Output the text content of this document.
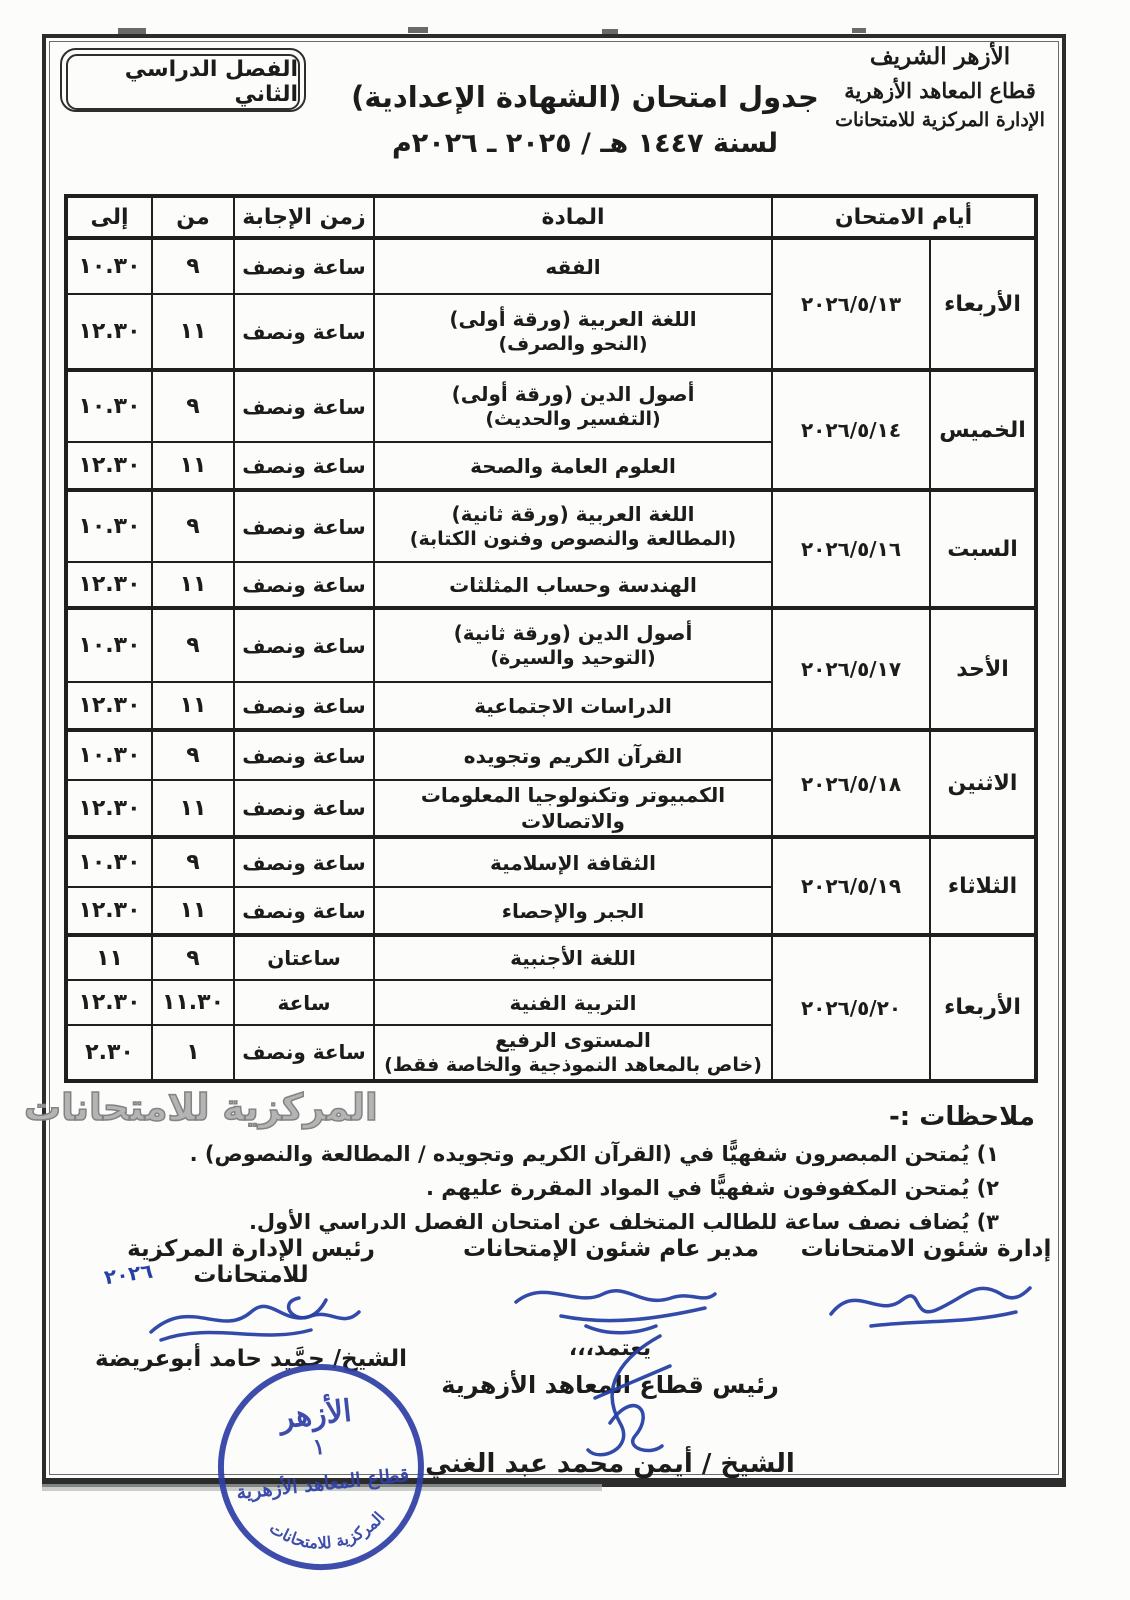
الفصل الدراسي الثاني
الأزهر الشريف
قطاع المعاهد الأزهرية
الإدارة المركزية للامتحانات
جدول امتحان (الشهادة الإعدادية)
لسنة ١٤٤٧ هـ / ٢٠٢٥ ـ ٢٠٢٦م
أيام الامتحان		المادة	زمن الإجابة	من	إلى
الأربعاء	٢٠٢٦/٥/١٣	الفقه	ساعة ونصف	٩	١٠.٣٠

		اللغة العربية (ورقة أولى)
(النحو والصرف)	ساعة ونصف	١١	١٢.٣٠
الخميس	٢٠٢٦/٥/١٤	أصول الدين (ورقة أولى)
(التفسير والحديث)	ساعة ونصف	٩	١٠.٣٠
		العلوم العامة والصحة	ساعة ونصف	١١	١٢.٣٠
السبت	٢٠٢٦/٥/١٦	اللغة العربية (ورقة ثانية)
(المطالعة والنصوص وفنون الكتابة)	ساعة ونصف	٩	١٠.٣٠
		الهندسة وحساب المثلثات	ساعة ونصف	١١	١٢.٣٠
الأحد	٢٠٢٦/٥/١٧	أصول الدين (ورقة ثانية)
(التوحيد والسيرة)	ساعة ونصف	٩	١٠.٣٠
		الدراسات الاجتماعية	ساعة ونصف	١١	١٢.٣٠
الاثنين	٢٠٢٦/٥/١٨	القرآن الكريم وتجويده	ساعة ونصف	٩	١٠.٣٠
		الكمبيوتر وتكنولوجيا المعلومات والاتصالات	ساعة ونصف	١١	١٢.٣٠
الثلاثاء	٢٠٢٦/٥/١٩	الثقافة الإسلامية	ساعة ونصف	٩	١٠.٣٠
		الجبر والإحصاء	ساعة ونصف	١١	١٢.٣٠
الأربعاء	٢٠٢٦/٥/٢٠	اللغة الأجنبية	ساعتان	٩	١١
		التربية الفنية	ساعة	١١.٣٠	١٢.٣٠

		المستوى الرفيع
(خاص بالمعاهد النموذجية والخاصة فقط)	ساعة ونصف	١	٢.٣٠
المركزية للامتحانات	ملاحظات :-
١) يُمتحن المبصرون شفهيًّا في (القرآن الكريم وتجويده / المطالعة والنصوص) .
٢) يُمتحن المكفوفون شفهيًّا في المواد المقررة عليهم .
٣) يُضاف نصف ساعة للطالب المتخلف عن امتحان الفصل الدراسي الأول.
إدارة شئون الامتحانات
مدير عام شئون الإمتحانات
رئيس الإدارة المركزية للامتحانات
الشيخ/ حمَّيد حامد أبوعريضة
٢٠٢٦
يعتمد،،،
رئيس قطاع المعاهد الأزهرية
الشيخ / أيمن محمد عبد الغني
الأزهر
١
قطاع المعاهد الأزهرية
المركزية للامتحانات
